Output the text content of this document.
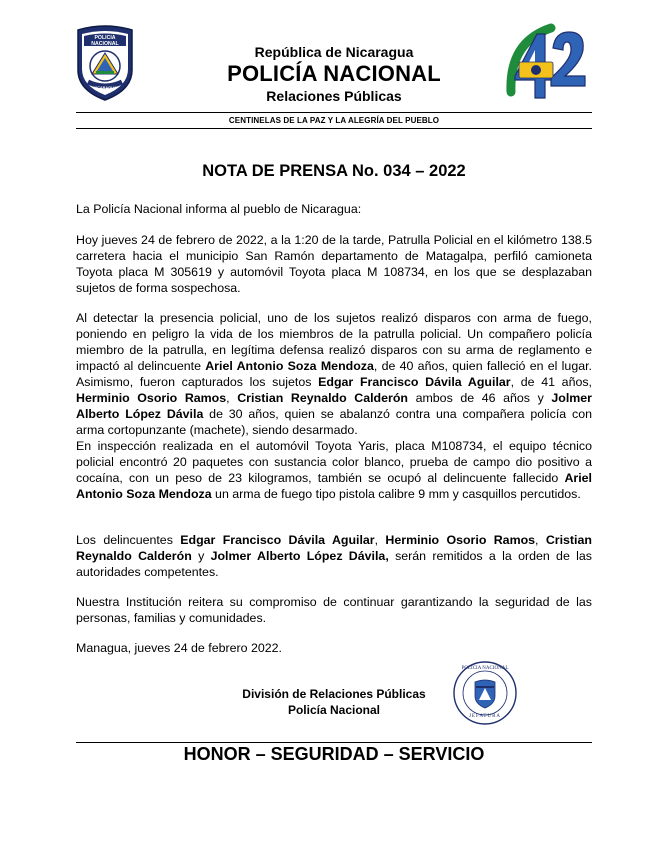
POLICIA NACIONAL
NICARAGUA
República de Nicaragua
POLICÍA NACIONAL
Relaciones Públicas
CENTINELAS DE LA PAZ Y LA ALEGRÍA DEL PUEBLO
NOTA DE PRENSA No. 034 – 2022
La Policía Nacional informa al pueblo de Nicaragua:
Hoy jueves 24 de febrero de 2022, a la 1:20 de la tarde, Patrulla Policial en el kilómetro 138.5 carretera hacia el municipio San Ramón departamento de Matagalpa, perfiló camioneta Toyota placa M 305619 y automóvil Toyota placa M 108734, en los que se desplazaban sujetos de forma sospechosa.
Al detectar la presencia policial, uno de los sujetos realizó disparos con arma de fuego, poniendo en peligro la vida de los miembros de la patrulla policial. Un compañero policía miembro de la patrulla, en legítima defensa realizó disparos con su arma de reglamento e impactó al delincuente Ariel Antonio Soza Mendoza, de 40 años, quien falleció en el lugar. Asimismo, fueron capturados los sujetos Edgar Francisco Dávila Aguilar, de 41 años, Herminio Osorio Ramos, Cristian Reynaldo Calderón ambos de 46 años y Jolmer Alberto López Dávila de 30 años, quien se abalanzó contra una compañera policía con arma cortopunzante (machete), siendo desarmado.
En inspección realizada en el automóvil Toyota Yaris, placa M108734, el equipo técnico policial encontró 20 paquetes con sustancia color blanco, prueba de campo dio positivo a cocaína, con un peso de 23 kilogramos, también se ocupó al delincuente fallecido Ariel Antonio Soza Mendoza un arma de fuego tipo pistola calibre 9 mm y casquillos percutidos.
Los delincuentes Edgar Francisco Dávila Aguilar, Herminio Osorio Ramos, Cristian Reynaldo Calderón y Jolmer Alberto López Dávila, serán remitidos a la orden de las autoridades competentes.
Nuestra Institución reitera su compromiso de continuar garantizando la seguridad de las personas, familias y comunidades.
Managua, jueves 24 de febrero 2022.
División de Relaciones Públicas
Policía Nacional
POLICIA NACIONAL
JEFATURA
HONOR – SEGURIDAD – SERVICIO
